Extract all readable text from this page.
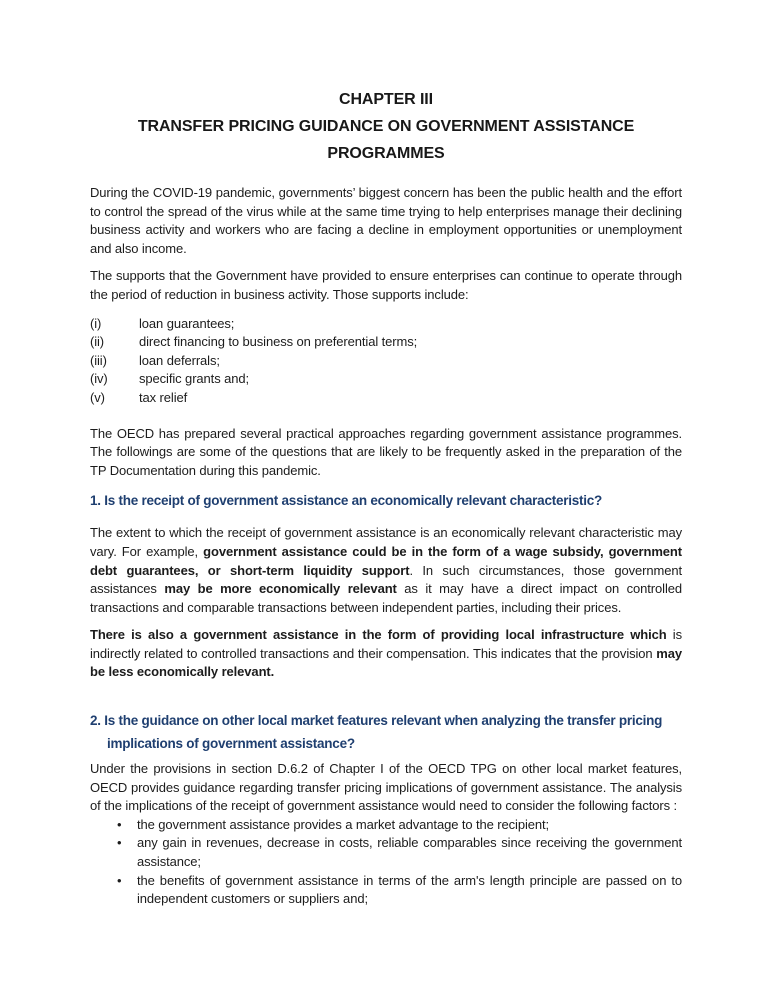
CHAPTER III
TRANSFER PRICING GUIDANCE ON GOVERNMENT ASSISTANCE
PROGRAMMES

During the COVID-19 pandemic, governments’ biggest concern has been the public health and the effort to control the spread of the virus while at the same time trying to help enterprises manage their declining business activity and workers who are facing a decline in employment opportunities or unemployment and also income.

The supports that the Government have provided to ensure enterprises can continue to operate through the period of reduction in business activity. Those supports include:

(i)	loan guarantees;
(ii)	direct financing to business on preferential terms;
(iii)	loan deferrals;
(iv)	specific grants and;
(v)	tax relief

The OECD has prepared several practical approaches regarding government assistance programmes. The followings are some of the questions that are likely to be frequently asked in the preparation of the TP Documentation during this pandemic.

1. Is the receipt of government assistance an economically relevant characteristic?

The extent to which the receipt of government assistance is an economically relevant characteristic may vary. For example, government assistance could be in the form of a wage subsidy, government debt guarantees, or short-term liquidity support. In such circumstances, those government assistances may be more economically relevant as it may have a direct impact on controlled transactions and comparable transactions between independent parties, including their prices.

There is also a government assistance in the form of providing local infrastructure which is indirectly related to controlled transactions and their compensation. This indicates that the provision may be less economically relevant.

2. Is the guidance on other local market features relevant when analyzing the transfer pricing implications of government assistance?

Under the provisions in section D.6.2 of Chapter I of the OECD TPG on other local market features, OECD provides guidance regarding transfer pricing implications of government assistance. The analysis of the implications of the receipt of government assistance would need to consider the following factors :

• the government assistance provides a market advantage to the recipient;
• any gain in revenues, decrease in costs, reliable comparables since receiving the government assistance;
• the benefits of government assistance in terms of the arm's length principle are passed on to independent customers or suppliers and;
